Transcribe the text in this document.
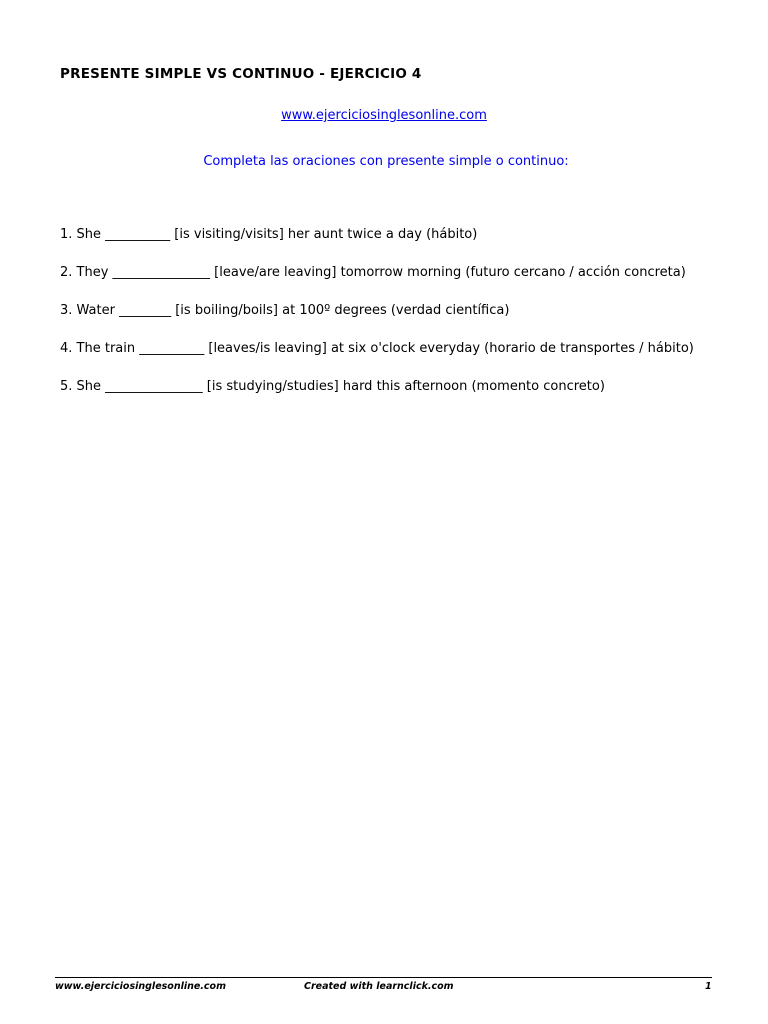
PRESENTE SIMPLE VS CONTINUO - EJERCICIO 4
www.ejerciciosinglesonline.com
Completa las oraciones con presente simple o continuo:

1. She __________ [is visiting/visits] her aunt twice a day (hábito)

2. They _______________ [leave/are leaving] tomorrow morning (futuro cercano / acción concreta)

3. Water ________ [is boiling/boils] at 100º degrees (verdad científica)

4. The train __________ [leaves/is leaving] at six o'clock everyday (horario de transportes / hábito)

5. She _______________ [is studying/studies] hard this afternoon (momento concreto)

www.ejerciciosinglesonline.com	Created with learnclick.com	1
